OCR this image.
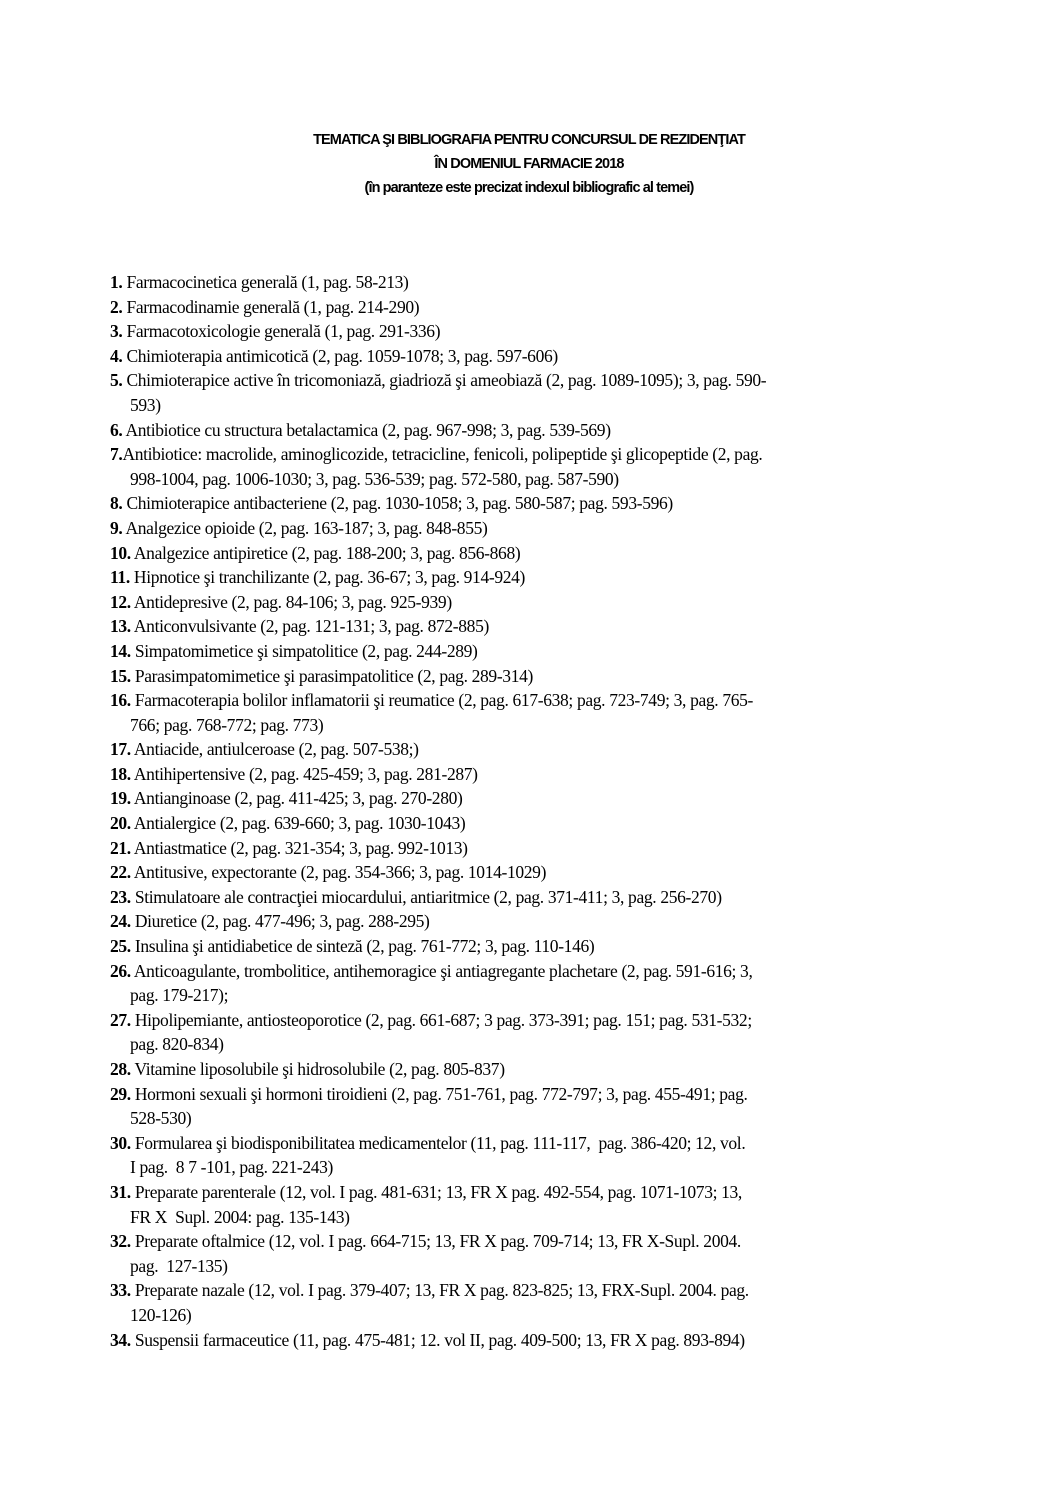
TEMATICA ŞI BIBLIOGRAFIA PENTRU CONCURSUL DE REZIDENŢIAT
ÎN DOMENIUL FARMACIE 2018
(în paranteze este precizat indexul bibliografic al temei)
1. Farmacocinetica generală (1, pag. 58-213)
2. Farmacodinamie generală (1, pag. 214-290)
3. Farmacotoxicologie generală (1, pag. 291-336)
4. Chimioterapia antimicotică (2, pag. 1059-1078; 3, pag. 597-606)
5. Chimioterapice active în tricomoniază, giadrioză şi ameobiază (2, pag. 1089-1095); 3, pag. 590-
593)
6. Antibiotice cu structura betalactamica (2, pag. 967-998; 3, pag. 539-569)
7.Antibiotice: macrolide, aminoglicozide, tetracicline, fenicoli, polipeptide şi glicopeptide (2, pag.
998-1004, pag. 1006-1030; 3, pag. 536-539; pag. 572-580, pag. 587-590)
8. Chimioterapice antibacteriene (2, pag. 1030-1058; 3, pag. 580-587; pag. 593-596)
9. Analgezice opioide (2, pag. 163-187; 3, pag. 848-855)
10. Analgezice antipiretice (2, pag. 188-200; 3, pag. 856-868)
11. Hipnotice şi tranchilizante (2, pag. 36-67; 3, pag. 914-924)
12. Antidepresive (2, pag. 84-106; 3, pag. 925-939)
13. Anticonvulsivante (2, pag. 121-131; 3, pag. 872-885)
14. Simpatomimetice şi simpatolitice (2, pag. 244-289)
15. Parasimpatomimetice şi parasimpatolitice (2, pag. 289-314)
16. Farmacoterapia bolilor inflamatorii şi reumatice (2, pag. 617-638; pag. 723-749; 3, pag. 765-
766; pag. 768-772; pag. 773)
17. Antiacide, antiulceroase (2, pag. 507-538;)
18. Antihipertensive (2, pag. 425-459; 3, pag. 281-287)
19. Antianginoase (2, pag. 411-425; 3, pag. 270-280)
20. Antialergice (2, pag. 639-660; 3, pag. 1030-1043)
21. Antiastmatice (2, pag. 321-354; 3, pag. 992-1013)
22. Antitusive, expectorante (2, pag. 354-366; 3, pag. 1014-1029)
23. Stimulatoare ale contracţiei miocardului, antiaritmice (2, pag. 371-411; 3, pag. 256-270)
24. Diuretice (2, pag. 477-496; 3, pag. 288-295)
25. Insulina şi antidiabetice de sinteză (2, pag. 761-772; 3, pag. 110-146)
26. Anticoagulante, trombolitice, antihemoragice şi antiagregante plachetare (2, pag. 591-616; 3,
pag. 179-217);
27. Hipolipemiante, antiosteoporotice (2, pag. 661-687; 3 pag. 373-391; pag. 151; pag. 531-532;
pag. 820-834)
28. Vitamine liposolubile şi hidrosolubile (2, pag. 805-837)
29. Hormoni sexuali şi hormoni tiroidieni (2, pag. 751-761, pag. 772-797; 3, pag. 455-491; pag.
528-530)
30. Formularea şi biodisponibilitatea medicamentelor (11, pag. 111-117,  pag. 386-420; 12, vol.
I pag.  8 7 -101, pag. 221-243)
31. Preparate parenterale (12, vol. I pag. 481-631; 13, FR X pag. 492-554, pag. 1071-1073; 13,
FR X  Supl. 2004: pag. 135-143)
32. Preparate oftalmice (12, vol. I pag. 664-715; 13, FR X pag. 709-714; 13, FR X-Supl. 2004.
pag.  127-135)
33. Preparate nazale (12, vol. I pag. 379-407; 13, FR X pag. 823-825; 13, FRX-Supl. 2004. pag.
120-126)
34. Suspensii farmaceutice (11, pag. 475-481; 12. vol II, pag. 409-500; 13, FR X pag. 893-894)
